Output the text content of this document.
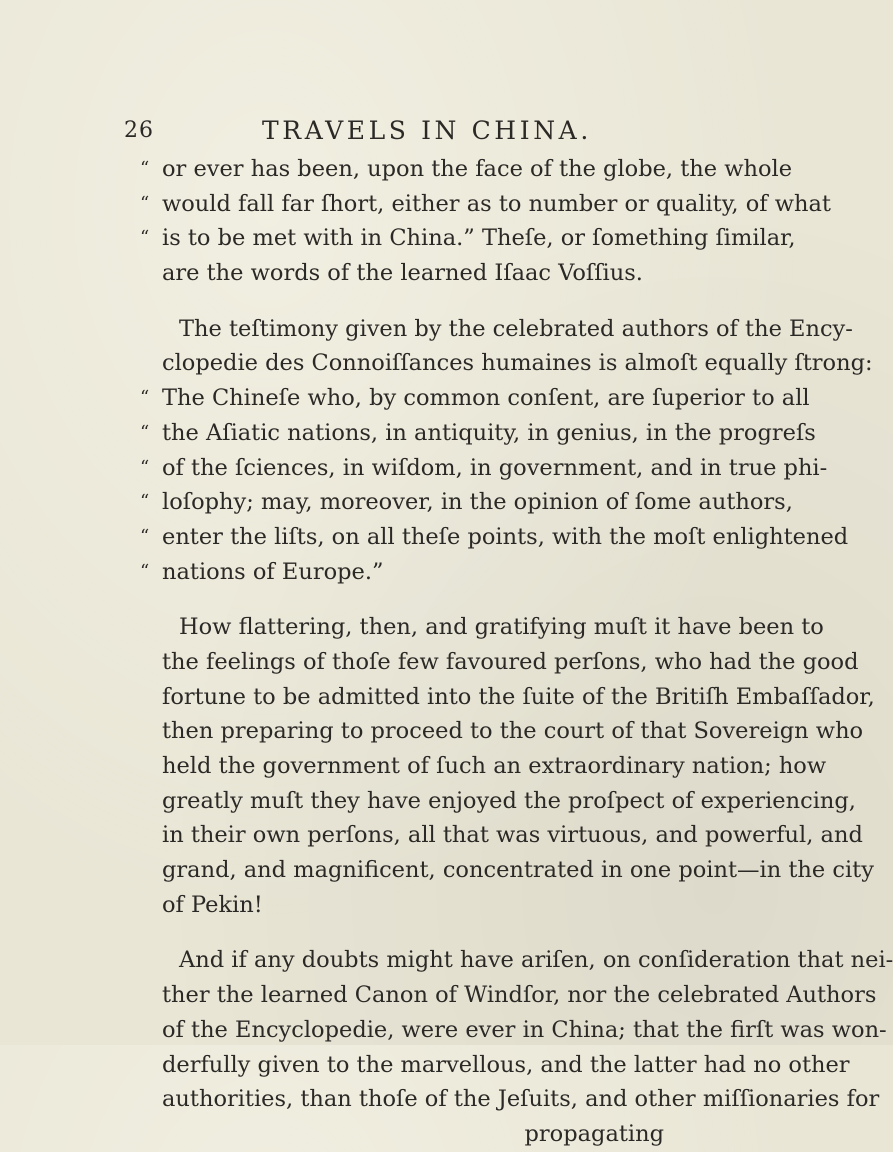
26	TRAVELS IN CHINA.
“ or ever has been, upon the face of the globe, the whole
“ would fall far ſhort, either as to number or quality, of what
“ is to be met with in China.” Theſe, or ſomething ſimilar,
are the words of the learned Iſaac Voſſius.
The teſtimony given by the celebrated authors of the Ency-
clopedie des Connoiſſances humaines is almoſt equally ſtrong:
“ The Chineſe who, by common conſent, are ſuperior to all
“ the Aſiatic nations, in antiquity, in genius, in the progreſs
“ of the ſciences, in wiſdom, in government, and in true phi-
“ loſophy; may, moreover, in the opinion of ſome authors,
“ enter the liſts, on all theſe points, with the moſt enlightened
“ nations of Europe.”
How flattering, then, and gratifying muſt it have been to
the feelings of thoſe few favoured perſons, who had the good
fortune to be admitted into the ſuite of the Britiſh Embaſſador,
then preparing to proceed to the court of that Sovereign who
held the government of ſuch an extraordinary nation; how
greatly muſt they have enjoyed the proſpect of experiencing,
in their own perſons, all that was virtuous, and powerful, and
grand, and magnificent, concentrated in one point—in the city
of Pekin!
And if any doubts might have ariſen, on conſideration that nei-
ther the learned Canon of Windſor, nor the celebrated Authors
of the Encyclopedie, were ever in China; that the firſt was won-
derfully given to the marvellous, and the latter had no other
authorities, than thoſe of the Jeſuits, and other miſſionaries for
propagating
